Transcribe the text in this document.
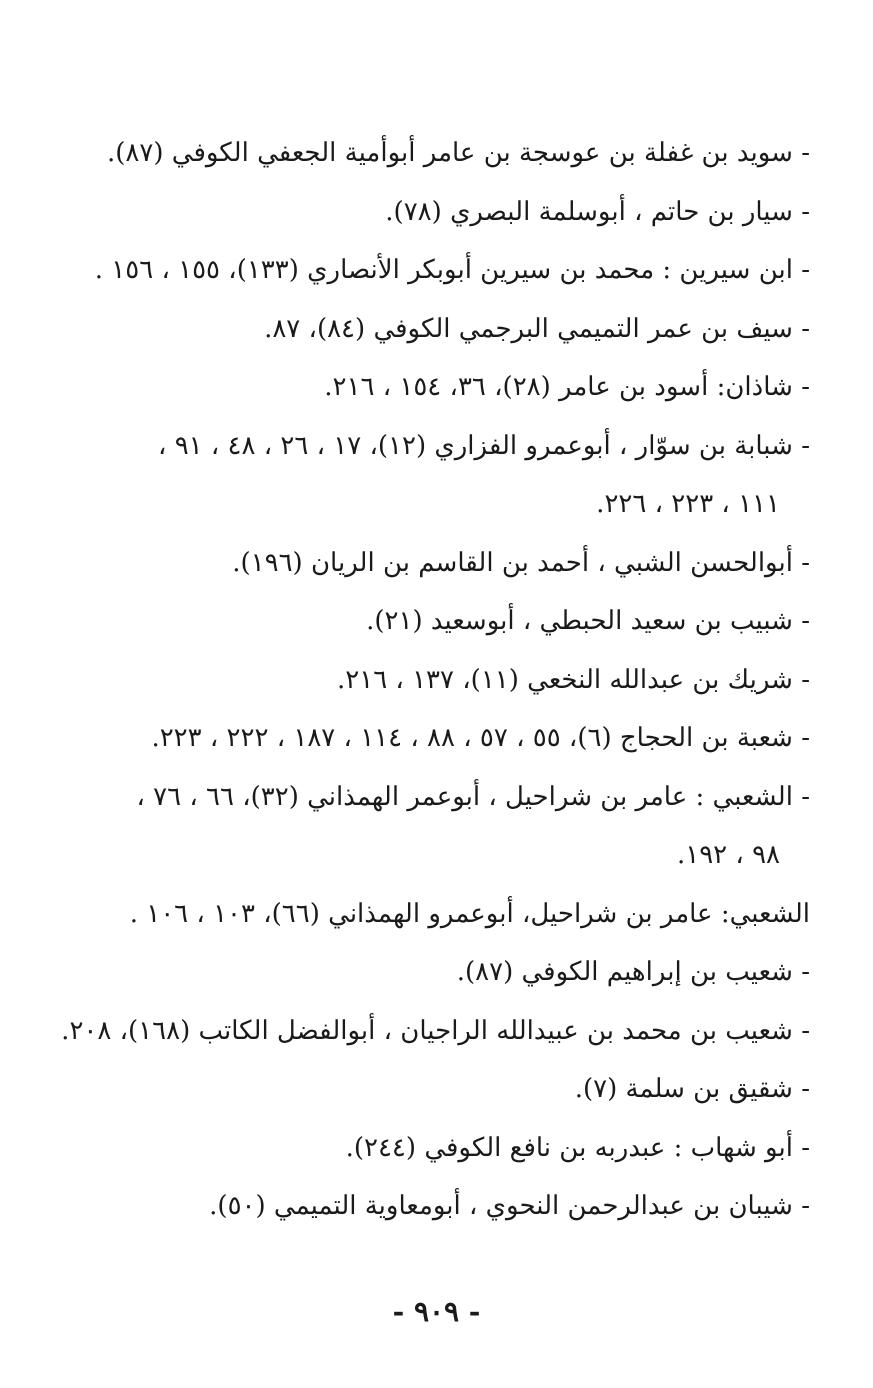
- سويد بن غفلة بن عوسجة بن عامر أبوأمية الجعفي الكوفي (٨٧).
- سيار بن حاتم ، أبوسلمة البصري (٧٨).
- ابن سيرين : محمد بن سيرين أبوبكر الأنصاري (١٣٣)، ١٥٥ ، ١٥٦ .
- سيف بن عمر التميمي البرجمي الكوفي (٨٤)، ٨٧.
- شاذان: أسود بن عامر (٢٨)، ٣٦، ١٥٤ ، ٢١٦.
- شبابة بن سوّار ، أبوعمرو الفزاري (١٢)، ١٧ ، ٢٦ ، ٤٨ ، ٩١ ،
١١١ ، ٢٢٣ ، ٢٢٦.
- أبوالحسن الشبي ، أحمد بن القاسم بن الريان (١٩٦).
- شبيب بن سعيد الحبطي ، أبوسعيد (٢١).
- شريك بن عبدالله النخعي (١١)، ١٣٧ ، ٢١٦.
- شعبة بن الحجاج (٦)، ٥٥ ، ٥٧ ، ٨٨ ، ١١٤ ، ١٨٧ ، ٢٢٢ ، ٢٢٣.
- الشعبي : عامر بن شراحيل ، أبوعمر الهمذاني (٣٢)، ٦٦ ، ٧٦ ،
٩٨ ، ١٩٢.
الشعبي: عامر بن شراحيل، أبوعمرو الهمذاني (٦٦)، ١٠٣ ، ١٠٦ .
- شعيب بن إبراهيم الكوفي (٨٧).
- شعيب بن محمد بن عبيدالله الراجيان ، أبوالفضل الكاتب (١٦٨)، ٢٠٨.
- شقيق بن سلمة (٧).
- أبو شهاب : عبدربه بن نافع الكوفي (٢٤٤).
- شيبان بن عبدالرحمن النحوي ، أبومعاوية التميمي (٥٠).
- ٩٠٩ -
